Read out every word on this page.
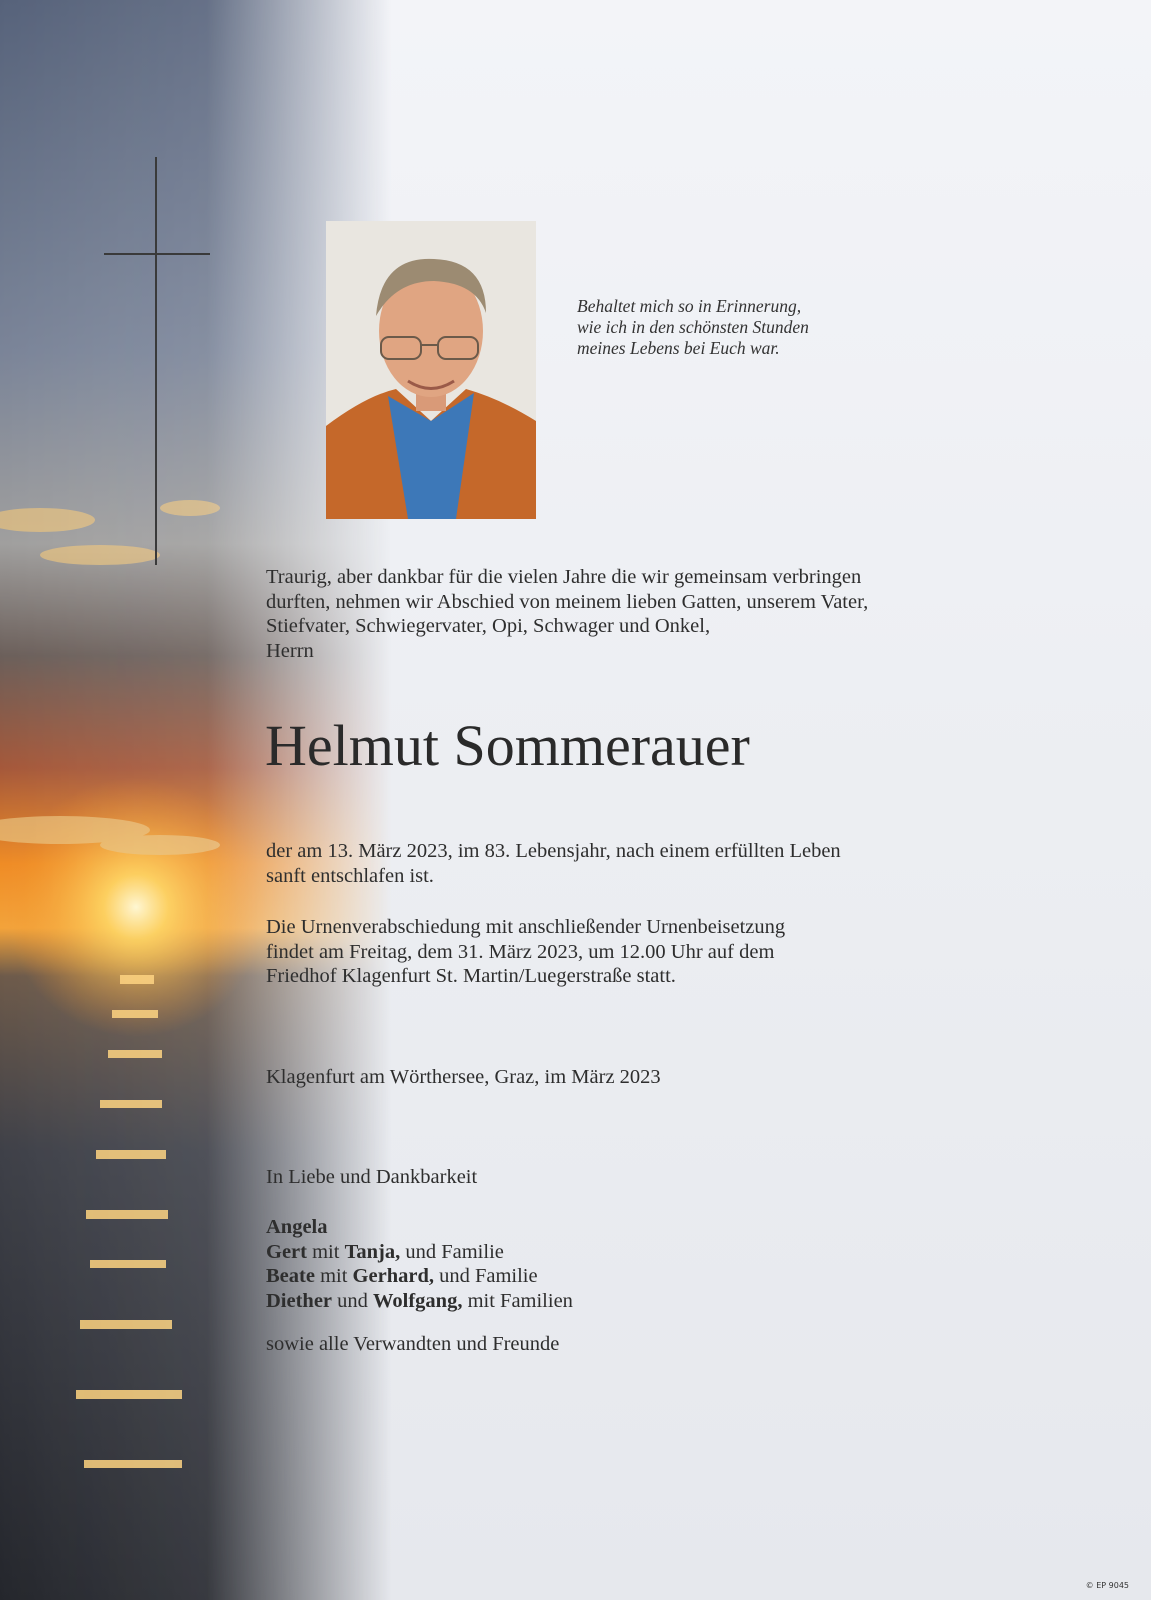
Behaltet mich so in Erinnerung,
wie ich in den schönsten Stunden
meines Lebens bei Euch war.
Traurig, aber dankbar für die vielen Jahre die wir gemeinsam verbringen
durften, nehmen wir Abschied von meinem lieben Gatten, unserem Vater,
Stiefvater, Schwiegervater, Opi, Schwager und Onkel,
Herrn
Helmut Sommerauer
der am 13. März 2023, im 83. Lebensjahr, nach einem erfüllten Leben
sanft entschlafen ist.
Die Urnenverabschiedung mit anschließender Urnenbeisetzung
findet am Freitag, dem 31. März 2023, um 12.00 Uhr auf dem
Friedhof Klagenfurt St. Martin/Luegerstraße statt.
Klagenfurt am Wörthersee, Graz, im März 2023
In Liebe und Dankbarkeit
Angela
Gert mit Tanja, und Familie
Beate mit Gerhard, und Familie
Diether und Wolfgang, mit Familien
sowie alle Verwandten und Freunde
© EP 9045
